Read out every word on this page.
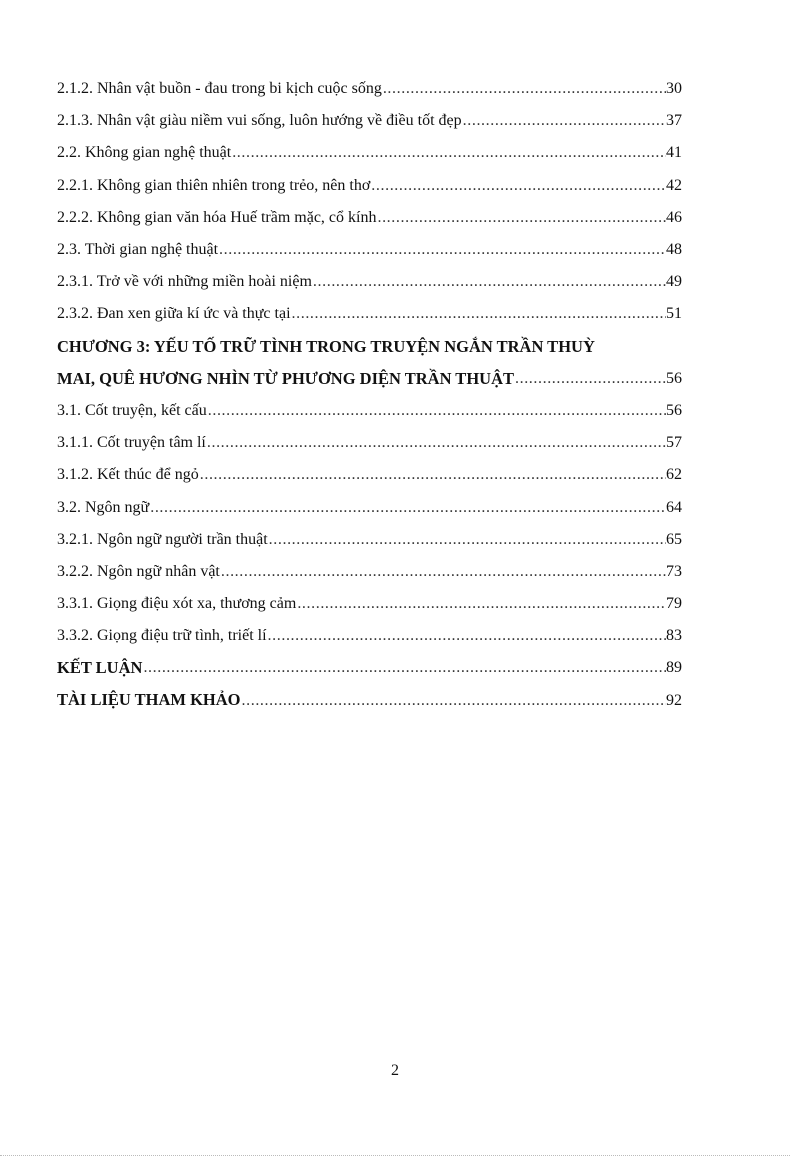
2.1.2. Nhân vật buồn - đau trong bi kịch cuộc sống .....	30
2.1.3. Nhân vật giàu niềm vui sống, luôn hướng về điều tốt đẹp .....	37
2.2. Không gian nghệ thuật .....	41
2.2.1. Không gian thiên nhiên trong trẻo, nên thơ .....	42
2.2.2. Không gian văn hóa Huế trầm mặc, cổ kính .....	46
2.3. Thời gian nghệ thuật .....	48
2.3.1. Trở về với những miền hoài niệm .....	49
2.3.2. Đan xen giữa kí ức và thực tại .....	51
CHƯƠNG 3: YẾU TỐ TRỮ TÌNH TRONG TRUYỆN NGẮN TRẦN THUỲ
MAI, QUÊ HƯƠNG NHÌN TỪ PHƯƠNG DIỆN TRẦN THUẬT .....	56
3.1. Cốt truyện, kết cấu .....	56
3.1.1. Cốt truyện tâm lí .....	57
3.1.2. Kết thúc để ngỏ .....	62
3.2. Ngôn ngữ .....	64
3.2.1. Ngôn ngữ người trần thuật .....	65
3.2.2. Ngôn ngữ nhân vật .....	73
3.3.1. Giọng điệu xót xa, thương cảm .....	79
3.3.2. Giọng điệu trữ tình, triết lí .....	83
KẾT LUẬN .....	89
TÀI LIỆU THAM KHẢO .....	92
2
